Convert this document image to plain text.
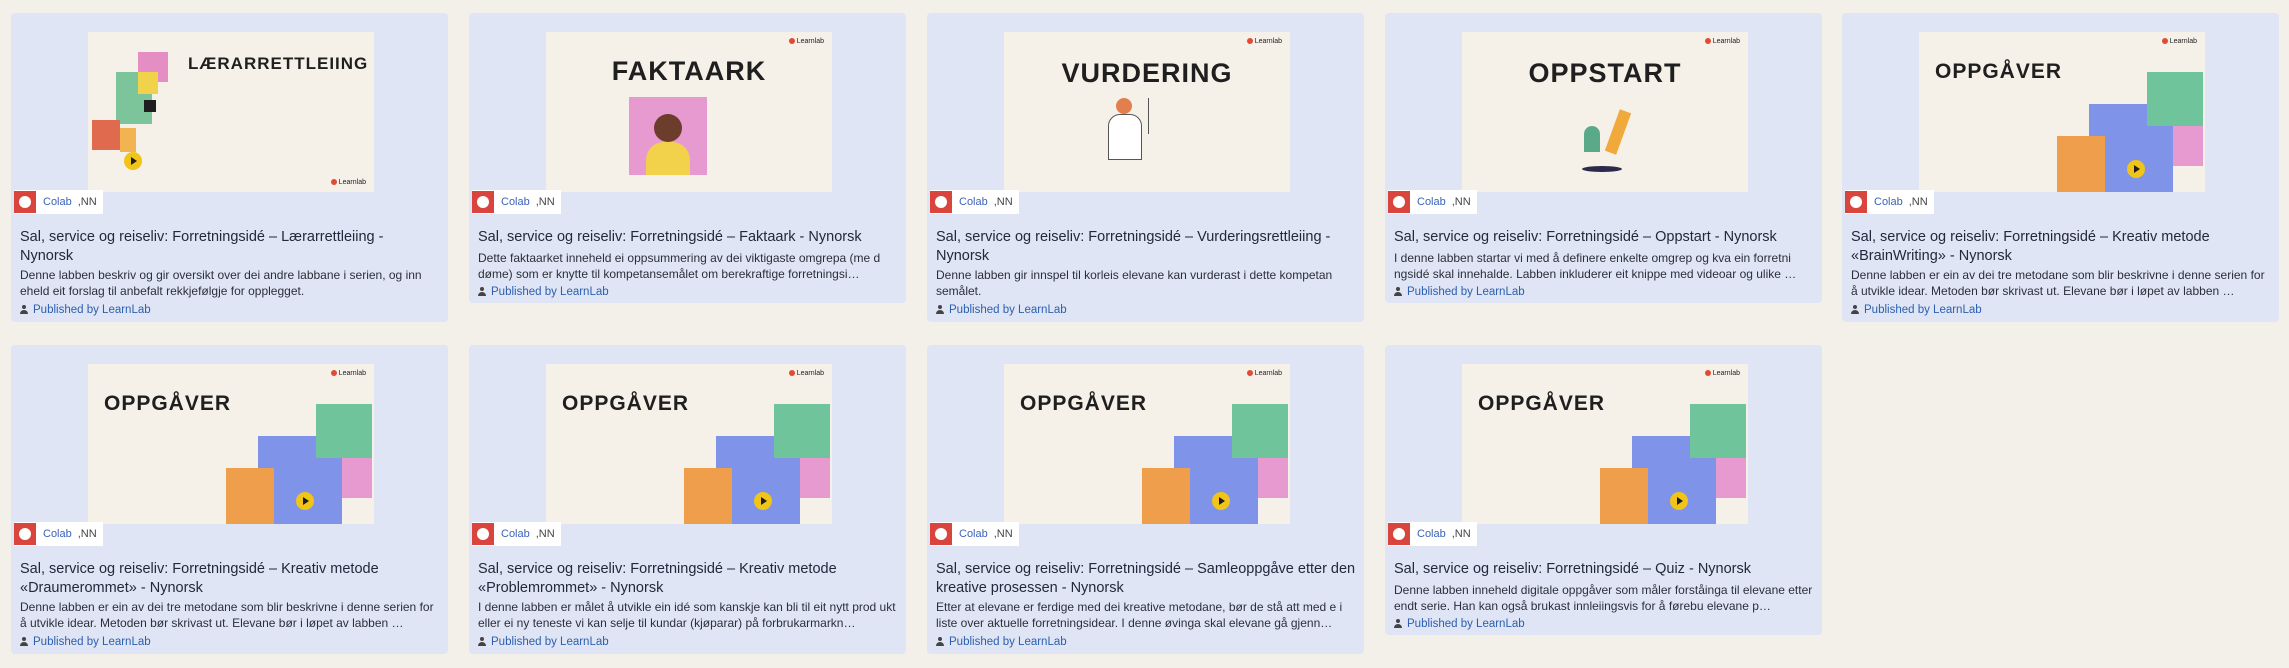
LÆRARRETTLEIING
Learnlab
Colab ,NN
Sal, service og reiseliv: Forretningsidé – Lærarrettleiing - Nynorsk
Denne labben beskriv og gir oversikt over dei andre labbane i serien, og inn eheld eit forslag til anbefalt rekkjefølgje for opplegget.
Published by LearnLab
FAKTAARK
Learnlab
Colab ,NN
Sal, service og reiseliv: Forretningsidé – Faktaark - Nynorsk
Dette faktaarket inneheld ei oppsummering av dei viktigaste omgrepa (me d døme) som er knytte til kompetansemålet om berekraftige forretningsi…
Published by LearnLab
VURDERING
Learnlab
Colab ,NN
Sal, service og reiseliv: Forretningsidé – Vurderingsrettleiing - Nynorsk
Denne labben gir innspel til korleis elevane kan vurderast i dette kompetan semålet.
Published by LearnLab
OPPSTART
Learnlab
Colab ,NN
Sal, service og reiseliv: Forretningsidé – Oppstart - Nynorsk
I denne labben startar vi med å definere enkelte omgrep og kva ein forretni ngsidé skal innehalde. Labben inkluderer eit knippe med videoar og ulike …
Published by LearnLab
OPPGÅVER
Learnlab
Colab ,NN
Sal, service og reiseliv: Forretningsidé – Kreativ metode «BrainWriting» - Nynorsk
Denne labben er ein av dei tre metodane som blir beskrivne i denne serien for å utvikle idear. Metoden bør skrivast ut. Elevane bør i løpet av labben …
Published by LearnLab
OPPGÅVER
Learnlab
Colab ,NN
Sal, service og reiseliv: Forretningsidé – Kreativ metode «Draumerommet» - Nynorsk
Denne labben er ein av dei tre metodane som blir beskrivne i denne serien for å utvikle idear. Metoden bør skrivast ut. Elevane bør i løpet av labben …
Published by LearnLab
OPPGÅVER
Learnlab
Colab ,NN
Sal, service og reiseliv: Forretningsidé – Kreativ metode «Problemrommet» - Nynorsk
I denne labben er målet å utvikle ein idé som kanskje kan bli til eit nytt prod ukt eller ei ny teneste vi kan selje til kundar (kjøparar) på forbrukarmarkn…
Published by LearnLab
OPPGÅVER
Learnlab
Colab ,NN
Sal, service og reiseliv: Forretningsidé – Samleoppgåve etter den kreative prosessen - Nynorsk
Etter at elevane er ferdige med dei kreative metodane, bør de stå att med e i liste over aktuelle forretningsidear. I denne øvinga skal elevane gå gjenn…
Published by LearnLab
OPPGÅVER
Learnlab
Colab ,NN
Sal, service og reiseliv: Forretningsidé – Quiz - Nynorsk
Denne labben inneheld digitale oppgåver som måler forståinga til elevane etter endt serie. Han kan også brukast innleiingsvis for å førebu elevane p…
Published by LearnLab
